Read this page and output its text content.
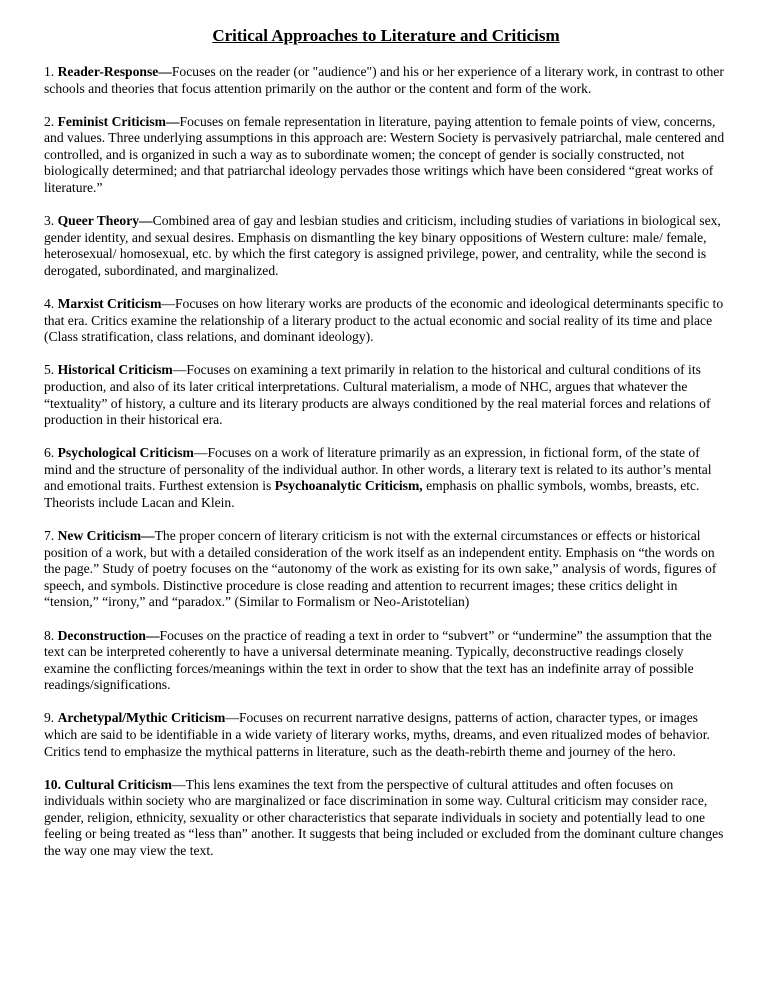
Critical Approaches to Literature and Criticism

1. Reader-Response—Focuses on the reader (or "audience") and his or her experience of a literary work, in contrast to other schools and theories that focus attention primarily on the author or the content and form of the work.

2. Feminist Criticism—Focuses on female representation in literature, paying attention to female points of view, concerns, and values. Three underlying assumptions in this approach are: Western Society is pervasively patriarchal, male centered and controlled, and is organized in such a way as to subordinate women; the concept of gender is socially constructed, not biologically determined; and that patriarchal ideology pervades those writings which have been considered “great works of literature.”

3. Queer Theory—Combined area of gay and lesbian studies and criticism, including studies of variations in biological sex, gender identity, and sexual desires. Emphasis on dismantling the key binary oppositions of Western culture: male/ female, heterosexual/ homosexual, etc. by which the first category is assigned privilege, power, and centrality, while the second is derogated, subordinated, and marginalized.

4. Marxist Criticism—Focuses on how literary works are products of the economic and ideological determinants specific to that era. Critics examine the relationship of a literary product to the actual economic and social reality of its time and place (Class stratification, class relations, and dominant ideology).

5. Historical Criticism—Focuses on examining a text primarily in relation to the historical and cultural conditions of its production, and also of its later critical interpretations. Cultural materialism, a mode of NHC, argues that whatever the “textuality” of history, a culture and its literary products are always conditioned by the real material forces and relations of production in their historical era.

6. Psychological Criticism—Focuses on a work of literature primarily as an expression, in fictional form, of the state of mind and the structure of personality of the individual author. In other words, a literary text is related to its author’s mental and emotional traits. Furthest extension is Psychoanalytic Criticism, emphasis on phallic symbols, wombs, breasts, etc. Theorists include Lacan and Klein.

7. New Criticism—The proper concern of literary criticism is not with the external circumstances or effects or historical position of a work, but with a detailed consideration of the work itself as an independent entity. Emphasis on “the words on the page.” Study of poetry focuses on the “autonomy of the work as existing for its own sake,” analysis of words, figures of speech, and symbols. Distinctive procedure is close reading and attention to recurrent images; these critics delight in “tension,” “irony,” and “paradox.” (Similar to Formalism or Neo-Aristotelian)

8. Deconstruction—Focuses on the practice of reading a text in order to “subvert” or “undermine” the assumption that the text can be interpreted coherently to have a universal determinate meaning. Typically, deconstructive readings closely examine the conflicting forces/meanings within the text in order to show that the text has an indefinite array of possible readings/significations.

9. Archetypal/Mythic Criticism—Focuses on recurrent narrative designs, patterns of action, character types, or images which are said to be identifiable in a wide variety of literary works, myths, dreams, and even ritualized modes of behavior. Critics tend to emphasize the mythical patterns in literature, such as the death-rebirth theme and journey of the hero.

10. Cultural Criticism—This lens examines the text from the perspective of cultural attitudes and often focuses on individuals within society who are marginalized or face discrimination in some way. Cultural criticism may consider race, gender, religion, ethnicity, sexuality or other characteristics that separate individuals in society and potentially lead to one feeling or being treated as “less than” another. It suggests that being included or excluded from the dominant culture changes the way one may view the text.
